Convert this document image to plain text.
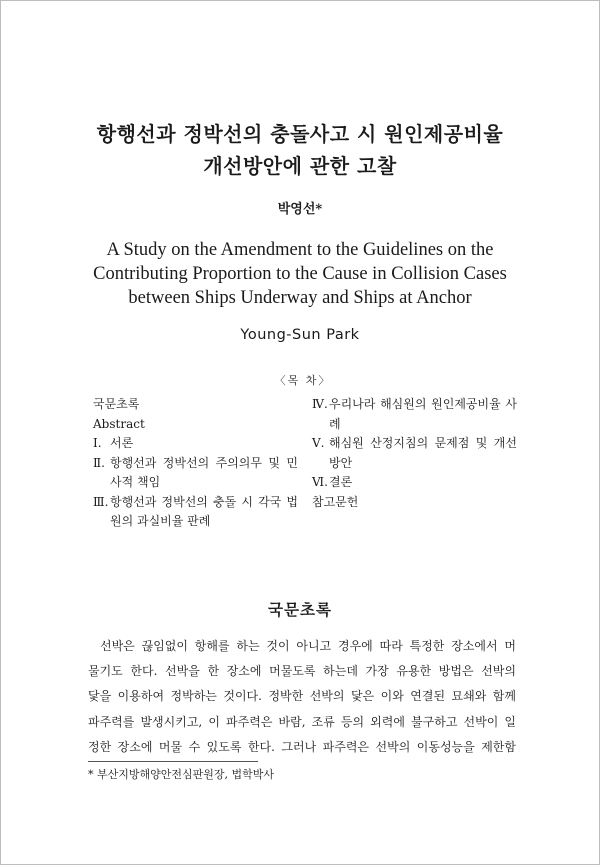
항행선과 정박선의 충돌사고 시 원인제공비율
개선방안에 관한 고찰
박영선*
A Study on the Amendment to the Guidelines on the
Contributing Proportion to the Cause in Collision Cases
between Ships Underway and Ships at Anchor
Young-Sun Park
〈목 차〉
국문초록
Abstract
Ⅰ. 서론
Ⅱ. 항행선과 정박선의 주의의무 및 민사적 책임
Ⅲ. 항행선과 정박선의 충돌 시 각국 법원의 과실비율 판례
Ⅳ. 우리나라 해심원의 원인제공비율 사례
Ⅴ. 해심원 산정지침의 문제점 및 개선방안
Ⅵ. 결론
참고문헌
국문초록
선박은 끊임없이 항해를 하는 것이 아니고 경우에 따라 특정한 장소에서 머
물기도 한다. 선박을 한 장소에 머물도록 하는데 가장 유용한 방법은 선박의
닻을 이용하여 정박하는 것이다. 정박한 선박의 닻은 이와 연결된 묘쇄와 함께
파주력를 발생시키고, 이 파주력은 바람, 조류 등의 외력에 불구하고 선박이 일
정한 장소에 머물 수 있도록 한다. 그러나 파주력은 선박의 이동성능을 제한함
* 부산지방해양안전심판원장, 법학박사
